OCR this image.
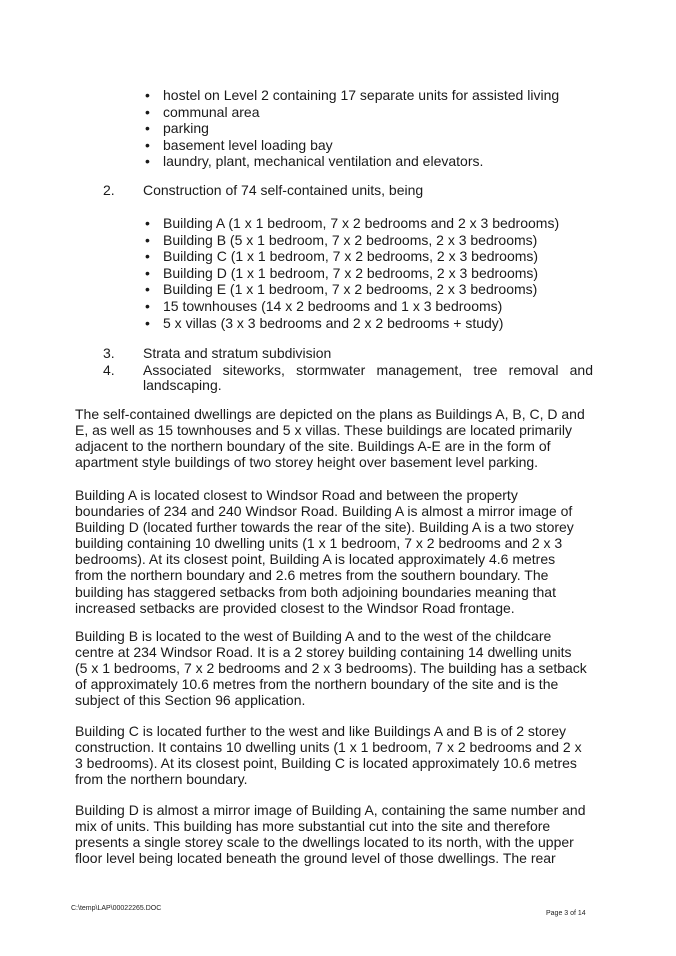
• hostel on Level 2 containing 17 separate units for assisted living
• communal area
• parking
• basement level loading bay
• laundry, plant, mechanical ventilation and elevators.
2. Construction of 74 self-contained units, being
• Building A (1 x 1 bedroom, 7 x 2 bedrooms and 2 x 3 bedrooms)
• Building B (5 x 1 bedroom, 7 x 2 bedrooms, 2 x 3 bedrooms)
• Building C (1 x 1 bedroom, 7 x 2 bedrooms, 2 x 3 bedrooms)
• Building D (1 x 1 bedroom, 7 x 2 bedrooms, 2 x 3 bedrooms)
• Building E (1 x 1 bedroom, 7 x 2 bedrooms, 2 x 3 bedrooms)
• 15 townhouses (14 x 2 bedrooms and 1 x 3 bedrooms)
• 5 x villas (3 x 3 bedrooms and 2 x 2 bedrooms + study)
3. Strata and stratum subdivision
4. Associated siteworks, stormwater management, tree removal and
landscaping.

The self-contained dwellings are depicted on the plans as Buildings A, B, C, D and E, as well as 15 townhouses and 5 x villas. These buildings are located primarily adjacent to the northern boundary of the site. Buildings A-E are in the form of apartment style buildings of two storey height over basement level parking.

Building A is located closest to Windsor Road and between the property boundaries of 234 and 240 Windsor Road. Building A is almost a mirror image of Building D (located further towards the rear of the site). Building A is a two storey building containing 10 dwelling units (1 x 1 bedroom, 7 x 2 bedrooms and 2 x 3 bedrooms). At its closest point, Building A is located approximately 4.6 metres from the northern boundary and 2.6 metres from the southern boundary. The building has staggered setbacks from both adjoining boundaries meaning that increased setbacks are provided closest to the Windsor Road frontage.

Building B is located to the west of Building A and to the west of the childcare centre at 234 Windsor Road. It is a 2 storey building containing 14 dwelling units (5 x 1 bedrooms, 7 x 2 bedrooms and 2 x 3 bedrooms). The building has a setback of approximately 10.6 metres from the northern boundary of the site and is the subject of this Section 96 application.

Building C is located further to the west and like Buildings A and B is of 2 storey construction. It contains 10 dwelling units (1 x 1 bedroom, 7 x 2 bedrooms and 2 x 3 bedrooms). At its closest point, Building C is located approximately 10.6 metres from the northern boundary.

Building D is almost a mirror image of Building A, containing the same number and mix of units. This building has more substantial cut into the site and therefore presents a single storey scale to the dwellings located to its north, with the upper floor level being located beneath the ground level of those dwellings. The rear

C:\temp\LAP\00022265.DOC
Page 3 of 14
